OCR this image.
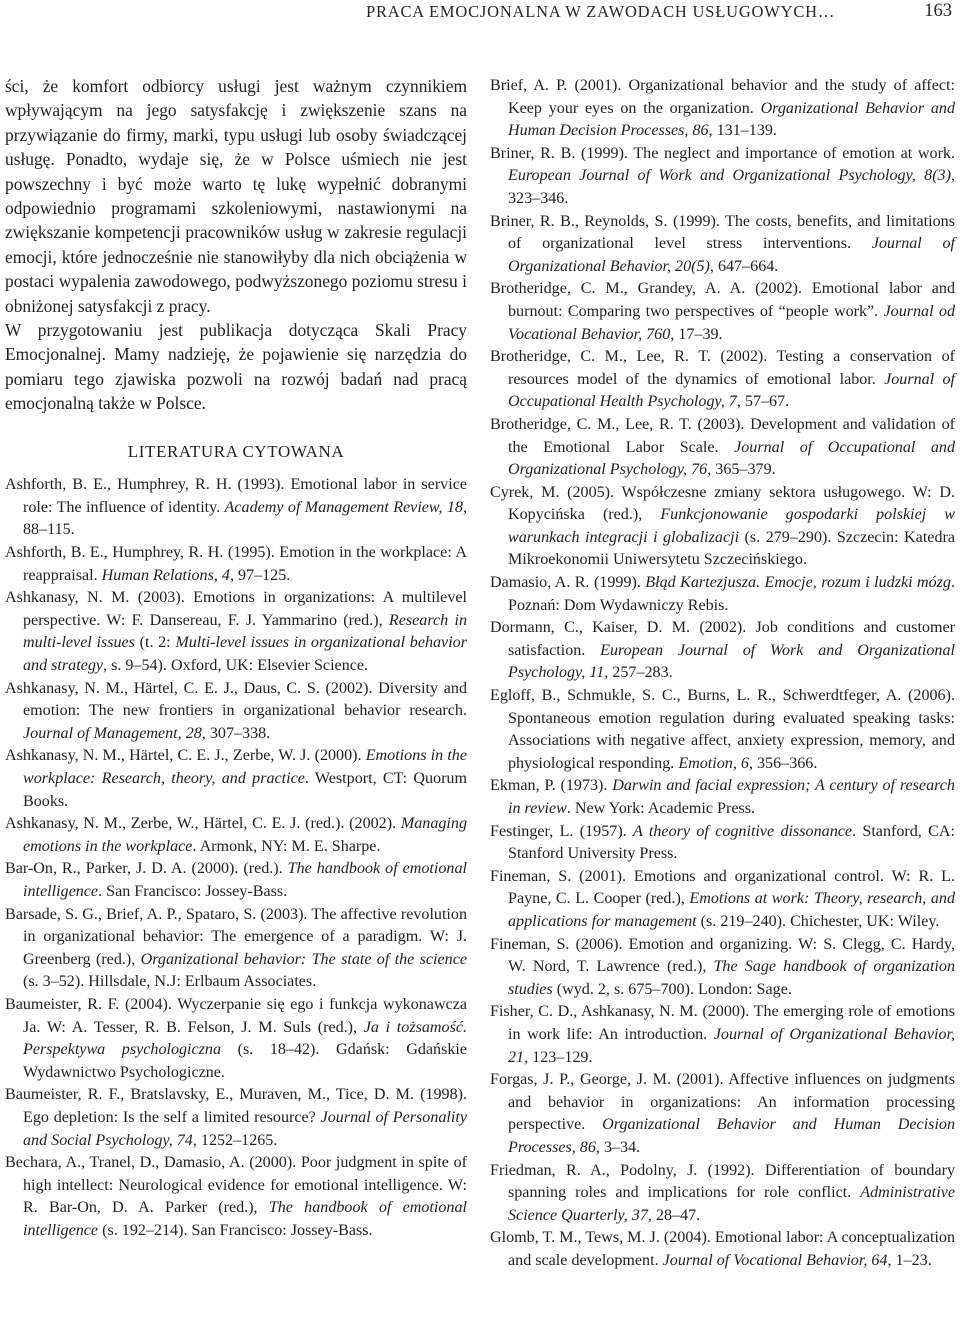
PRACA EMOCJONALNA W ZAWODACH USŁUGOWYCH…	163

ści, że komfort odbiorcy usługi jest ważnym czynnikiem wpływającym na jego satysfakcję i zwiększenie szans na przywiązanie do firmy, marki, typu usługi lub osoby świadczącej usługę. Ponadto, wydaje się, że w Polsce uśmiech nie jest powszechny i być może warto tę lukę wypełnić dobranymi odpowiednio programami szkoleniowymi, nastawionymi na zwiększanie kompetencji pracowników usług w zakresie regulacji emocji, które jednocześnie nie stanowiłyby dla nich obciążenia w postaci wypalenia zawodowego, podwyższonego poziomu stresu i obniżonej satysfakcji z pracy.

W przygotowaniu jest publikacja dotycząca Skali Pracy Emocjonalnej. Mamy nadzieję, że pojawienie się narzędzia do pomiaru tego zjawiska pozwoli na rozwój badań nad pracą emocjonalną także w Polsce.

LITERATURA CYTOWANA

Ashforth, B. E., Humphrey, R. H. (1993). Emotional labor in service role: The influence of identity. Academy of Management Review, 18, 88–115.

Ashforth, B. E., Humphrey, R. H. (1995). Emotion in the workplace: A reappraisal. Human Relations, 4, 97–125.

Ashkanasy, N. M. (2003). Emotions in organizations: A multilevel perspective. W: F. Dansereau, F. J. Yammarino (red.), Research in multi-level issues (t. 2: Multi-level issues in organizational behavior and strategy, s. 9–54). Oxford, UK: Elsevier Science.

Ashkanasy, N. M., Härtel, C. E. J., Daus, C. S. (2002). Diversity and emotion: The new frontiers in organizational behavior research. Journal of Management, 28, 307–338.

Ashkanasy, N. M., Härtel, C. E. J., Zerbe, W. J. (2000). Emotions in the workplace: Research, theory, and practice. Westport, CT: Quorum Books.

Ashkanasy, N. M., Zerbe, W., Härtel, C. E. J. (red.). (2002). Managing emotions in the workplace. Armonk, NY: M. E. Sharpe.

Bar-On, R., Parker, J. D. A. (2000). (red.). The handbook of emotional intelligence. San Francisco: Jossey-Bass.

Barsade, S. G., Brief, A. P., Spataro, S. (2003). The affective revolution in organizational behavior: The emergence of a paradigm. W: J. Greenberg (red.), Organizational behavior: The state of the science (s. 3–52). Hillsdale, N.J: Erlbaum Associates.

Baumeister, R. F. (2004). Wyczerpanie się ego i funkcja wykonawcza Ja. W: A. Tesser, R. B. Felson, J. M. Suls (red.), Ja i tożsamość. Perspektywa psychologiczna (s. 18–42). Gdańsk: Gdańskie Wydawnictwo Psychologiczne.

Baumeister, R. F., Bratslavsky, E., Muraven, M., Tice, D. M. (1998). Ego depletion: Is the self a limited resource? Journal of Personality and Social Psychology, 74, 1252–1265.

Bechara, A., Tranel, D., Damasio, A. (2000). Poor judgment in spite of high intellect: Neurological evidence for emotional intelligence. W: R. Bar-On, D. A. Parker (red.), The handbook of emotional intelligence (s. 192–214). San Francisco: Jossey-Bass.

Brief, A. P. (2001). Organizational behavior and the study of affect: Keep your eyes on the organization. Organizational Behavior and Human Decision Processes, 86, 131–139.

Briner, R. B. (1999). The neglect and importance of emotion at work. European Journal of Work and Organizational Psychology, 8(3), 323–346.

Briner, R. B., Reynolds, S. (1999). The costs, benefits, and limitations of organizational level stress interventions. Journal of Organizational Behavior, 20(5), 647–664.

Brotheridge, C. M., Grandey, A. A. (2002). Emotional labor and burnout: Comparing two perspectives of “people work”. Journal od Vocational Behavior, 760, 17–39.

Brotheridge, C. M., Lee, R. T. (2002). Testing a conservation of resources model of the dynamics of emotional labor. Journal of Occupational Health Psychology, 7, 57–67.

Brotheridge, C. M., Lee, R. T. (2003). Development and validation of the Emotional Labor Scale. Journal of Occupational and Organizational Psychology, 76, 365–379.

Cyrek, M. (2005). Współczesne zmiany sektora usługowego. W: D. Kopycińska (red.), Funkcjonowanie gospodarki polskiej w warunkach integracji i globalizacji (s. 279–290). Szczecin: Katedra Mikroekonomii Uniwersytetu Szczecińskiego.

Damasio, A. R. (1999). Błąd Kartezjusza. Emocje, rozum i ludzki mózg. Poznań: Dom Wydawniczy Rebis.

Dormann, C., Kaiser, D. M. (2002). Job conditions and customer satisfaction. European Journal of Work and Organizational Psychology, 11, 257–283.

Egloff, B., Schmukle, S. C., Burns, L. R., Schwerdtfeger, A. (2006). Spontaneous emotion regulation during evaluated speaking tasks: Associations with negative affect, anxiety expression, memory, and physiological responding. Emotion, 6, 356–366.

Ekman, P. (1973). Darwin and facial expression; A century of research in review. New York: Academic Press.

Festinger, L. (1957). A theory of cognitive dissonance. Stanford, CA: Stanford University Press.

Fineman, S. (2001). Emotions and organizational control. W: R. L. Payne, C. L. Cooper (red.), Emotions at work: Theory, research, and applications for management (s. 219–240). Chichester, UK: Wiley.

Fineman, S. (2006). Emotion and organizing. W: S. Clegg, C. Hardy, W. Nord, T. Lawrence (red.), The Sage handbook of organization studies (wyd. 2, s. 675–700). London: Sage.

Fisher, C. D., Ashkanasy, N. M. (2000). The emerging role of emotions in work life: An introduction. Journal of Organizational Behavior, 21, 123–129.

Forgas, J. P., George, J. M. (2001). Affective influences on judgments and behavior in organizations: An information processing perspective. Organizational Behavior and Human Decision Processes, 86, 3–34.

Friedman, R. A., Podolny, J. (1992). Differentiation of boundary spanning roles and implications for role conflict. Administrative Science Quarterly, 37, 28–47.

Glomb, T. M., Tews, M. J. (2004). Emotional labor: A conceptualization and scale development. Journal of Vocational Behavior, 64, 1–23.
